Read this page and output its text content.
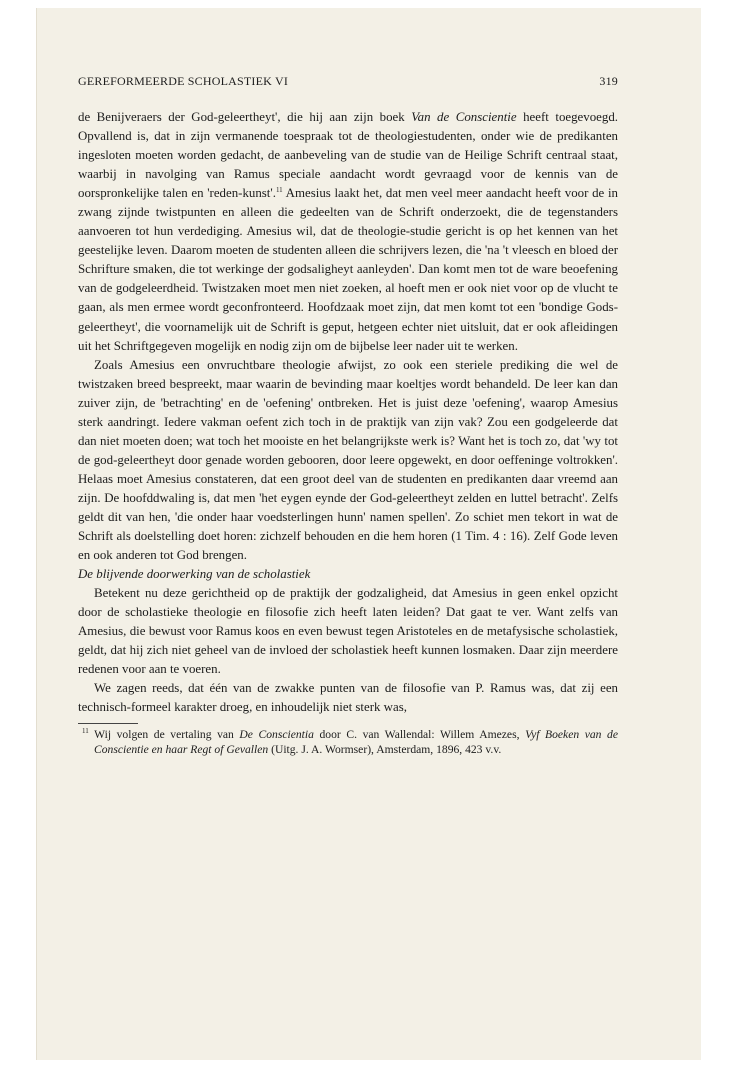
GEREFORMEERDE SCHOLASTIEK VI	319

de Benijveraers der God-geleertheyt', die hij aan zijn boek Van de Conscientie heeft toegevoegd. Opvallend is, dat in zijn vermanende toespraak tot de theologiestudenten, onder wie de predikanten ingesloten moeten worden gedacht, de aanbeveling van de studie van de Heilige Schrift centraal staat, waarbij in navolging van Ramus speciale aandacht wordt gevraagd voor de kennis van de oorspronkelijke talen en 'reden-kunst'.$^{11}$ Amesius laakt het, dat men veel meer aandacht heeft voor de in zwang zijnde twistpunten en alleen die gedeelten van de Schrift onderzoekt, die de tegenstanders aanvoeren tot hun verdediging. Amesius wil, dat de theologie-studie gericht is op het kennen van het geestelijke leven. Daarom moeten de studenten alleen die schrijvers lezen, die 'na 't vleesch en bloed der Schrifture smaken, die tot werkinge der godsaligheyt aanleyden'. Dan komt men tot de ware beoefening van de godgeleerdheid. Twistzaken moet men niet zoeken, al hoeft men er ook niet voor op de vlucht te gaan, als men ermee wordt geconfronteerd. Hoofdzaak moet zijn, dat men komt tot een 'bondige Gods-geleertheyt', die voornamelijk uit de Schrift is geput, hetgeen echter niet uitsluit, dat er ook afleidingen uit het Schriftgegeven mogelijk en nodig zijn om de bijbelse leer nader uit te werken.

Zoals Amesius een onvruchtbare theologie afwijst, zo ook een steriele prediking die wel de twistzaken breed bespreekt, maar waarin de bevinding maar koeltjes wordt behandeld. De leer kan dan zuiver zijn, de 'betrachting' en de 'oefening' ontbreken. Het is juist deze 'oefening', waarop Amesius sterk aandringt. Iedere vakman oefent zich toch in de praktijk van zijn vak? Zou een godgeleerde dat dan niet moeten doen; wat toch het mooiste en het belangrijkste werk is? Want het is toch zo, dat 'wy tot de god-geleertheyt door genade worden gebooren, door leere opgewekt, en door oeffeninge voltrokken'. Helaas moet Amesius constateren, dat een groot deel van de studenten en predikanten daar vreemd aan zijn. De hoofddwaling is, dat men 'het eygen eynde der God-geleertheyt zelden en luttel betracht'. Zelfs geldt dit van hen, 'die onder haar voedsterlingen hunn' namen spellen'. Zo schiet men tekort in wat de Schrift als doelstelling doet horen: zichzelf behouden en die hem horen (1 Tim. 4 : 16). Zelf Gode leven en ook anderen tot God brengen.

De blijvende doorwerking van de scholastiek

Betekent nu deze gerichtheid op de praktijk der godzaligheid, dat Amesius in geen enkel opzicht door de scholastieke theologie en filosofie zich heeft laten leiden? Dat gaat te ver. Want zelfs van Amesius, die bewust voor Ramus koos en even bewust tegen Aristoteles en de metafysische scholastiek, geldt, dat hij zich niet geheel van de invloed der scholastiek heeft kunnen losmaken. Daar zijn meerdere redenen voor aan te voeren.

We zagen reeds, dat één van de zwakke punten van de filosofie van P. Ramus was, dat zij een technisch-formeel karakter droeg, en inhoudelijk niet sterk was,

$^{11}$ Wij volgen de vertaling van De Conscientia door C. van Wallendal: Willem Amezes, Vyf Boeken van de Conscientie en haar Regt of Gevallen (Uitg. J. A. Wormser), Amsterdam, 1896, 423 v.v.
